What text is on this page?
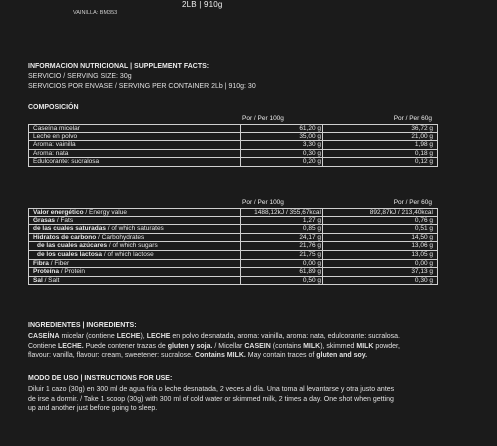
2LB | 910g
VAINILLA: BM353
INFORMACION NUTRICIONAL | SUPPLEMENT FACTS:
SERVICIO / SERVING SIZE: 30g
SERVICIOS POR ENVASE / SERVING PER CONTAINER 2Lb | 910g: 30
COMPOSICIÓN
Por / Per 100g	Por / Per 60g
Caseína micelar	61,20 g	36,72 g
Leche en polvo	35,00 g	21,00 g
Aroma: vainilla	3,30 g	1,98 g
Aroma: nata	0,30 g	0,18 g
Edulcorante: sucralosa	0,20 g	0,12 g
Por / Per 100g	Por / Per 60g
Valor energético / Energy value	1488,12kJ / 355,67kcal	892,87kJ / 213,40kcal
Grasas / Fats	1,27 g	0,76 g
de las cuales saturadas / of which saturates	0,85 g	0,51 g
Hidratos de carbono / Carbohydrates	24,17 g	14,50 g
de las cuales azúcares / of which sugars	21,76 g	13,06 g
de los cuales lactosa / of which lactose	21,75 g	13,05 g
Fibra / Fiber	0,00 g	0,00 g
Proteína / Protein	61,89 g	37,13 g
Sal / Salt	0,50 g	0,30 g
INGREDIENTES | INGREDIENTS:
CASEÍNA micelar (contiene LECHE), LECHE en polvo desnatada, aroma: vainilla, aroma: nata, edulcorante: sucralosa.
Contiene LECHE. Puede contener trazas de gluten y soja. / Micellar CASEIN (contains MILK), skimmed MILK powder,
flavour: vanilla, flavour: cream, sweetener: sucralose. Contains MILK. May contain traces of gluten and soy.
MODO DE USO | INSTRUCTIONS FOR USE:
Diluir 1 cazo (30g) en 300 ml de agua fría o leche desnatada, 2 veces al día. Una toma al levantarse y otra justo antes
de irse a dormir. / Take 1 scoop (30g) with 300 ml of cold water or skimmed milk, 2 times a day. One shot when getting
up and another just before going to sleep.
